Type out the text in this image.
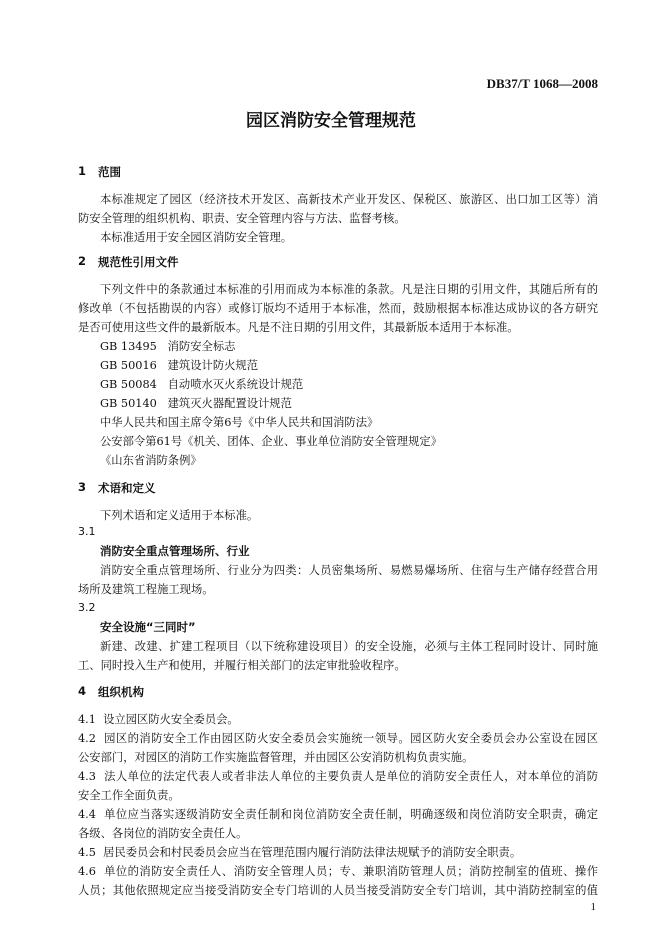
DB37/T 1068—2008
园区消防安全管理规范
1 范围
本标准规定了园区（经济技术开发区、高新技术产业开发区、保税区、旅游区、出口加工区等）消
防安全管理的组织机构、职责、安全管理内容与方法、监督考核。
本标准适用于安全园区消防安全管理。
2 规范性引用文件
下列文件中的条款通过本标准的引用而成为本标准的条款。凡是注日期的引用文件，其随后所有的
修改单（不包括勘误的内容）或修订版均不适用于本标准，然而，鼓励根据本标准达成协议的各方研究
是否可使用这些文件的最新版本。凡是不注日期的引用文件，其最新版本适用于本标准。
GB 13495   消防安全标志
GB 50016   建筑设计防火规范
GB 50084   自动喷水灭火系统设计规范
GB 50140   建筑灭火器配置设计规范
中华人民共和国主席令第6号《中华人民共和国消防法》
公安部令第61号《机关、团体、企业、事业单位消防安全管理规定》
《山东省消防条例》
3 术语和定义
下列术语和定义适用于本标准。
3.1
消防安全重点管理场所、行业
消防安全重点管理场所、行业分为四类：人员密集场所、易燃易爆场所、住宿与生产储存经营合用
场所及建筑工程施工现场。
3.2
安全设施“三同时”
新建、改建、扩建工程项目（以下统称建设项目）的安全设施，必须与主体工程同时设计、同时施
工、同时投入生产和使用，并履行相关部门的法定审批验收程序。
4 组织机构
4.1  设立园区防火安全委员会。
4.2  园区的消防安全工作由园区防火安全委员会实施统一领导。园区防火安全委员会办公室设在园区
公安部门，对园区的消防工作实施监督管理，并由园区公安消防机构负责实施。
4.3  法人单位的法定代表人或者非法人单位的主要负责人是单位的消防安全责任人，对本单位的消防
安全工作全面负责。
4.4  单位应当落实逐级消防安全责任制和岗位消防安全责任制，明确逐级和岗位消防安全职责，确定
各级、各岗位的消防安全责任人。
4.5  居民委员会和村民委员会应当在管理范围内履行消防法律法规赋予的消防安全职责。
4.6  单位的消防安全责任人、消防安全管理人员；专、兼职消防管理人员；消防控制室的值班、操作
人员；其他依照规定应当接受消防安全专门培训的人员当接受消防安全专门培训，其中消防控制室的值
1
